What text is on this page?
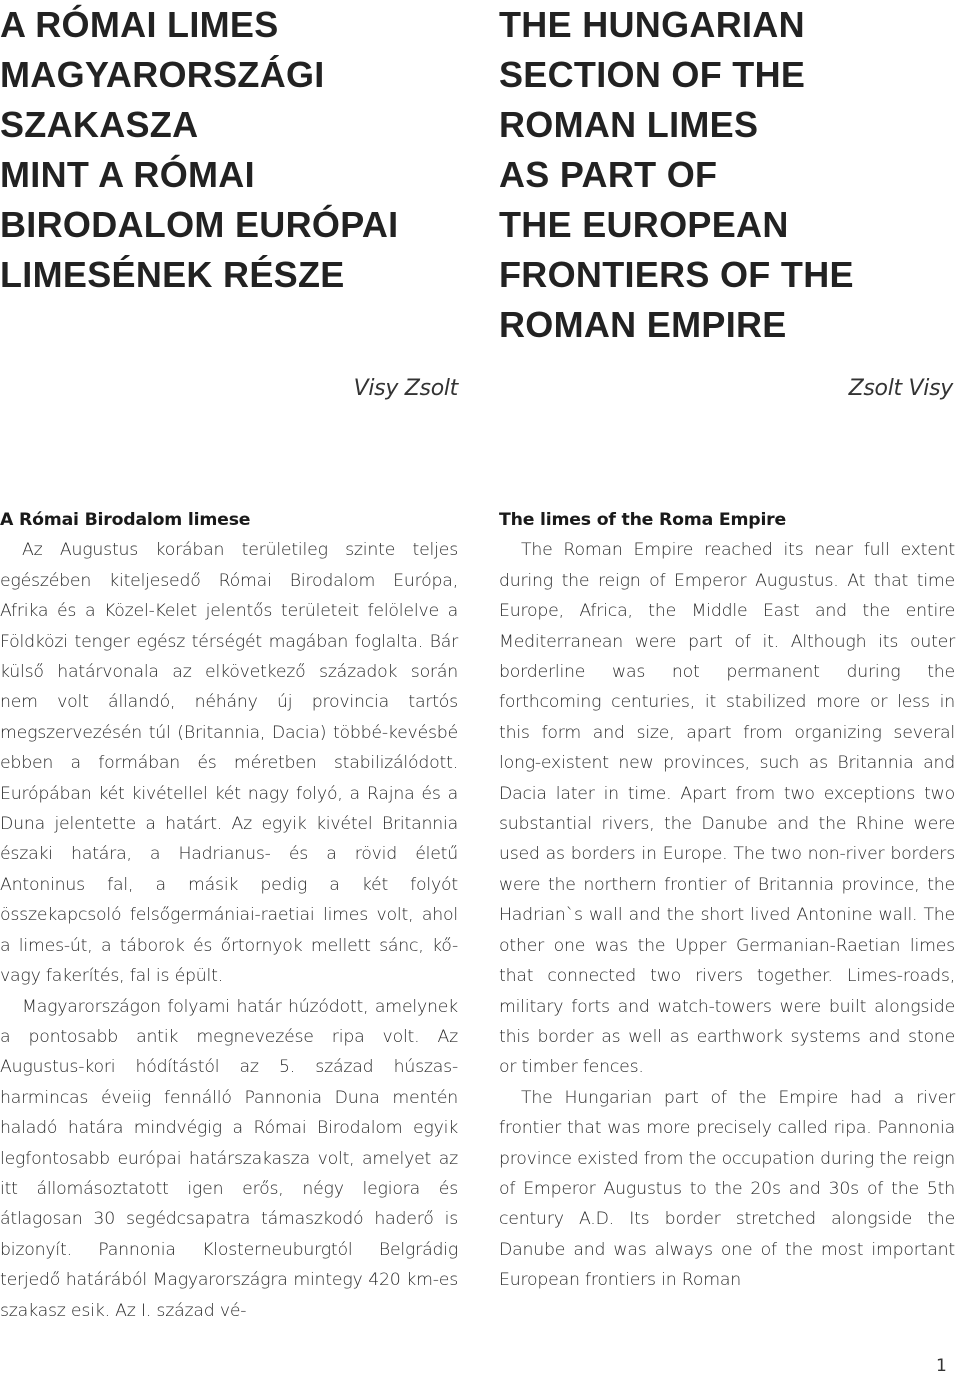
A RÓMAI LIMES
MAGYARORSZÁGI
SZAKASZA
MINT A RÓMAI
BIRODALOM EURÓPAI
LIMESÉNEK RÉSZE
Visy Zsolt

A Római Birodalom limese

Az Augustus korában területileg szinte teljes egészében kiteljesedő Római Birodalom Európa, Afrika és a Közel-Kelet jelentős területeit felölelve a Földközi tenger egész térségét magában foglalta. Bár külső határvonala az elkövetkező századok során nem volt állandó, néhány új provincia tartós megszervezésén túl (Britannia, Dacia) többé-kevésbé ebben a formában és méretben stabilizálódott. Európában két kivétellel két nagy folyó, a Rajna és a Duna jelentette a határt. Az egyik kivétel Britannia északi határa, a Hadrianus- és a rövid életű Antoninus fal, a másik pedig a két folyót összekapcsoló felsőgermániai-raetiai limes volt, ahol a limes-út, a táborok és őrtornyok mellett sánc, kő- vagy fakerítés, fal is épült.

Magyarországon folyami határ húzódott, amelynek a pontosabb antik megnevezése ripa volt. Az Augustus-kori hódítástól az 5. század húszas-harmincas éveiig fennálló Pannonia Duna mentén haladó határa mindvégig a Római Birodalom egyik legfontosabb európai határszakasza volt, amelyet az itt állomásoztatott igen erős, négy legiora és átlagosan 30 segédcsapatra támaszkodó haderő is bizonyít. Pannonia Klosterneuburgtól Belgrádig terjedő határából Magyarországra mintegy 420 km-es szakasz esik. Az I. század vé-

THE HUNGARIAN
SECTION OF THE
ROMAN LIMES
AS PART OF
THE EUROPEAN
FRONTIERS OF THE
ROMAN EMPIRE
Zsolt Visy

The limes of the Roma Empire

The Roman Empire reached its near full extent during the reign of Emperor Augustus. At that time Europe, Africa, the Middle East and the entire Mediterranean were part of it. Although its outer borderline was not permanent during the forthcoming centuries, it stabilized more or less in this form and size, apart from organizing several long-existent new provinces, such as Britannia and Dacia later in time. Apart from two exceptions two substantial rivers, the Danube and the Rhine were used as borders in Europe. The two non-river borders were the northern frontier of Britannia province, the Hadrian`s wall and the short lived Antonine wall. The other one was the Upper Germanian-Raetian limes that connected two rivers together. Limes-roads, military forts and watch-towers were built alongside this border as well as earthwork systems and stone or timber fences.

The Hungarian part of the Empire had a river frontier that was more precisely called ripa. Pannonia province existed from the occupation during the reign of Emperor Augustus to the 20s and 30s of the 5th century A.D. Its border stretched alongside the Danube and was always one of the most important European frontiers in Roman

1
